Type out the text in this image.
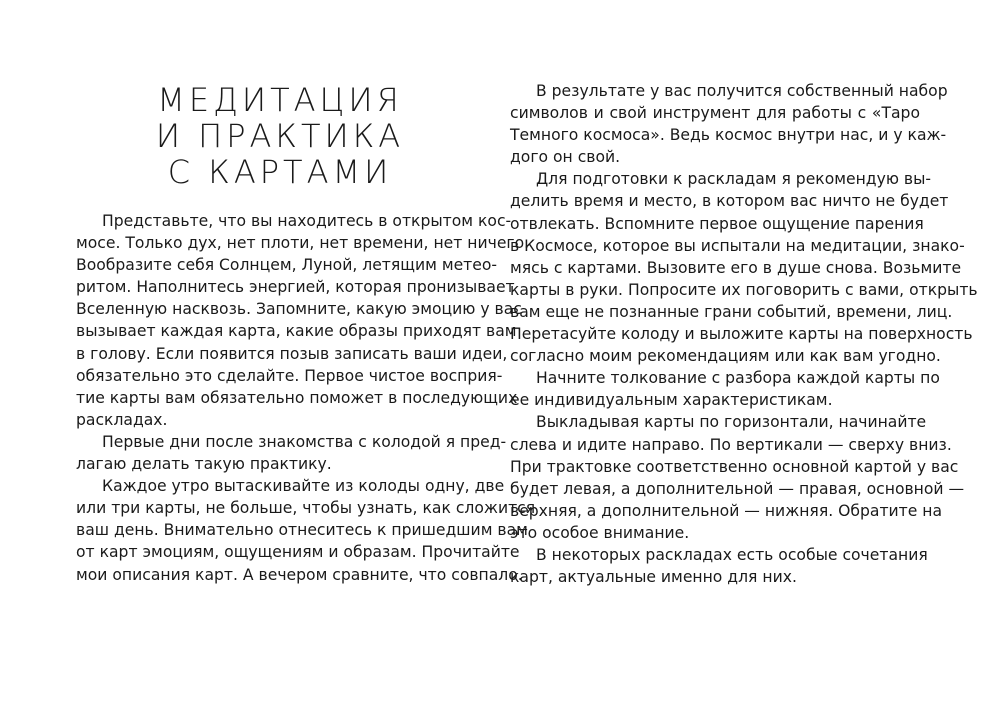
МЕДИТАЦИЯ
И ПРАКТИКА
С КАРТАМИ
Представьте, что вы находитесь в открытом кос-
мосе. Только дух, нет плоти, нет времени, нет ничего.
Вообразите себя Солнцем, Луной, летящим метео-
ритом. Наполнитесь энергией, которая пронизывает
Вселенную насквозь. Запомните, какую эмоцию у вас
вызывает каждая карта, какие образы приходят вам
в голову. Если появится позыв записать ваши идеи,
обязательно это сделайте. Первое чистое восприя-
тие карты вам обязательно поможет в последующих
раскладах.
Первые дни после знакомства с колодой я пред-
лагаю делать такую практику.
Каждое утро вытаскивайте из колоды одну, две
или три карты, не больше, чтобы узнать, как сложится
ваш день. Внимательно отнеситесь к пришедшим вам
от карт эмоциям, ощущениям и образам. Прочитайте
мои описания карт. А вечером сравните, что совпало.
В результате у вас получится собственный набор
символов и свой инструмент для работы с «Таро
Темного космоса». Ведь космос внутри нас, и у каж-
дого он свой.
Для подготовки к раскладам я рекомендую вы-
делить время и место, в котором вас ничто не будет
отвлекать. Вспомните первое ощущение парения
в Космосе, которое вы испытали на медитации, знако-
мясь с картами. Вызовите его в душе снова. Возьмите
карты в руки. Попросите их поговорить с вами, открыть
вам еще не познанные грани событий, времени, лиц.
Перетасуйте колоду и выложите карты на поверхность
согласно моим рекомендациям или как вам угодно.
Начните толкование с разбора каждой карты по
ее индивидуальным характеристикам.
Выкладывая карты по горизонтали, начинайте
слева и идите направо. По вертикали — сверху вниз.
При трактовке соответственно основной картой у вас
будет левая, а дополнительной — правая, основной —
верхняя, а дополнительной — нижняя. Обратите на
это особое внимание.
В некоторых раскладах есть особые сочетания
карт, актуальные именно для них.
